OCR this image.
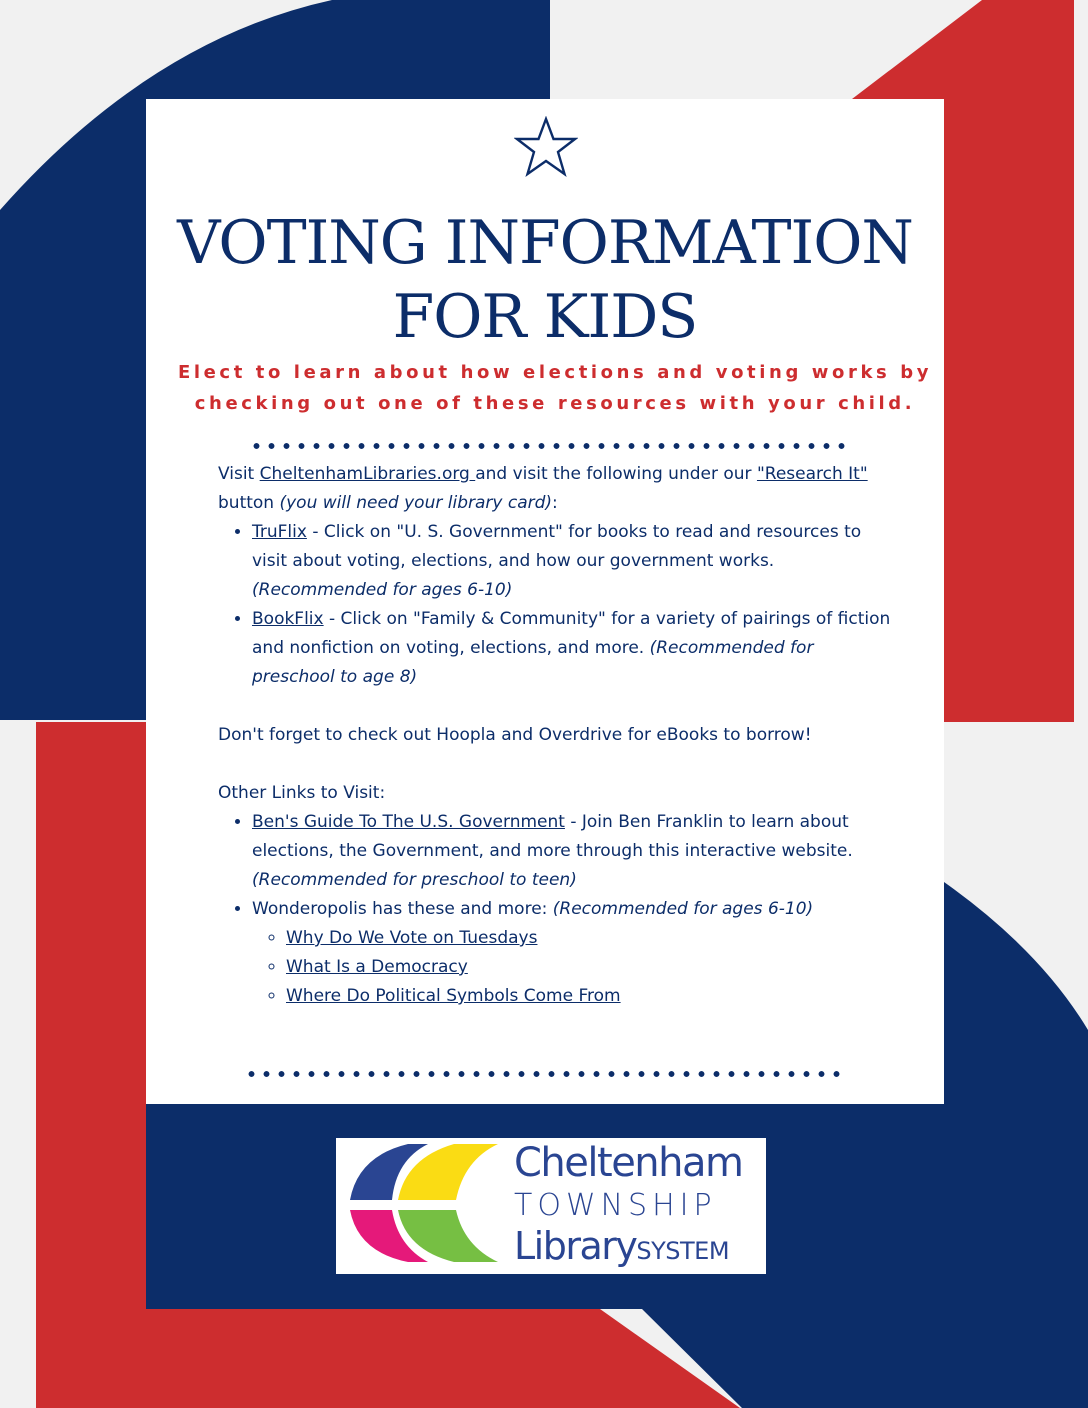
VOTING INFORMATION
FOR KIDS

Elect to learn about how elections and voting works by
checking out one of these resources with your child.

Visit CheltenhamLibraries.org and visit the following under our "Research It"
button (you will need your library card):

• TruFlix - Click on "U. S. Government" for books to read and resources to visit about voting, elections, and how our government works. (Recommended for ages 6-10)
• BookFlix - Click on "Family & Community" for a variety of pairings of fiction and nonfiction on voting, elections, and more. (Recommended for preschool to age 8)

Don't forget to check out Hoopla and Overdrive for eBooks to borrow!

Other Links to Visit:

• Ben's Guide To The U.S. Government - Join Ben Franklin to learn about elections, the Government, and more through this interactive website. (Recommended for preschool to teen)
• Wonderopolis has these and more: (Recommended for ages 6-10)
◦ Why Do We Vote on Tuesdays
◦ What Is a Democracy
◦ Where Do Political Symbols Come From
Cheltenham
TOWNSHIP
LibrarySYSTEM
